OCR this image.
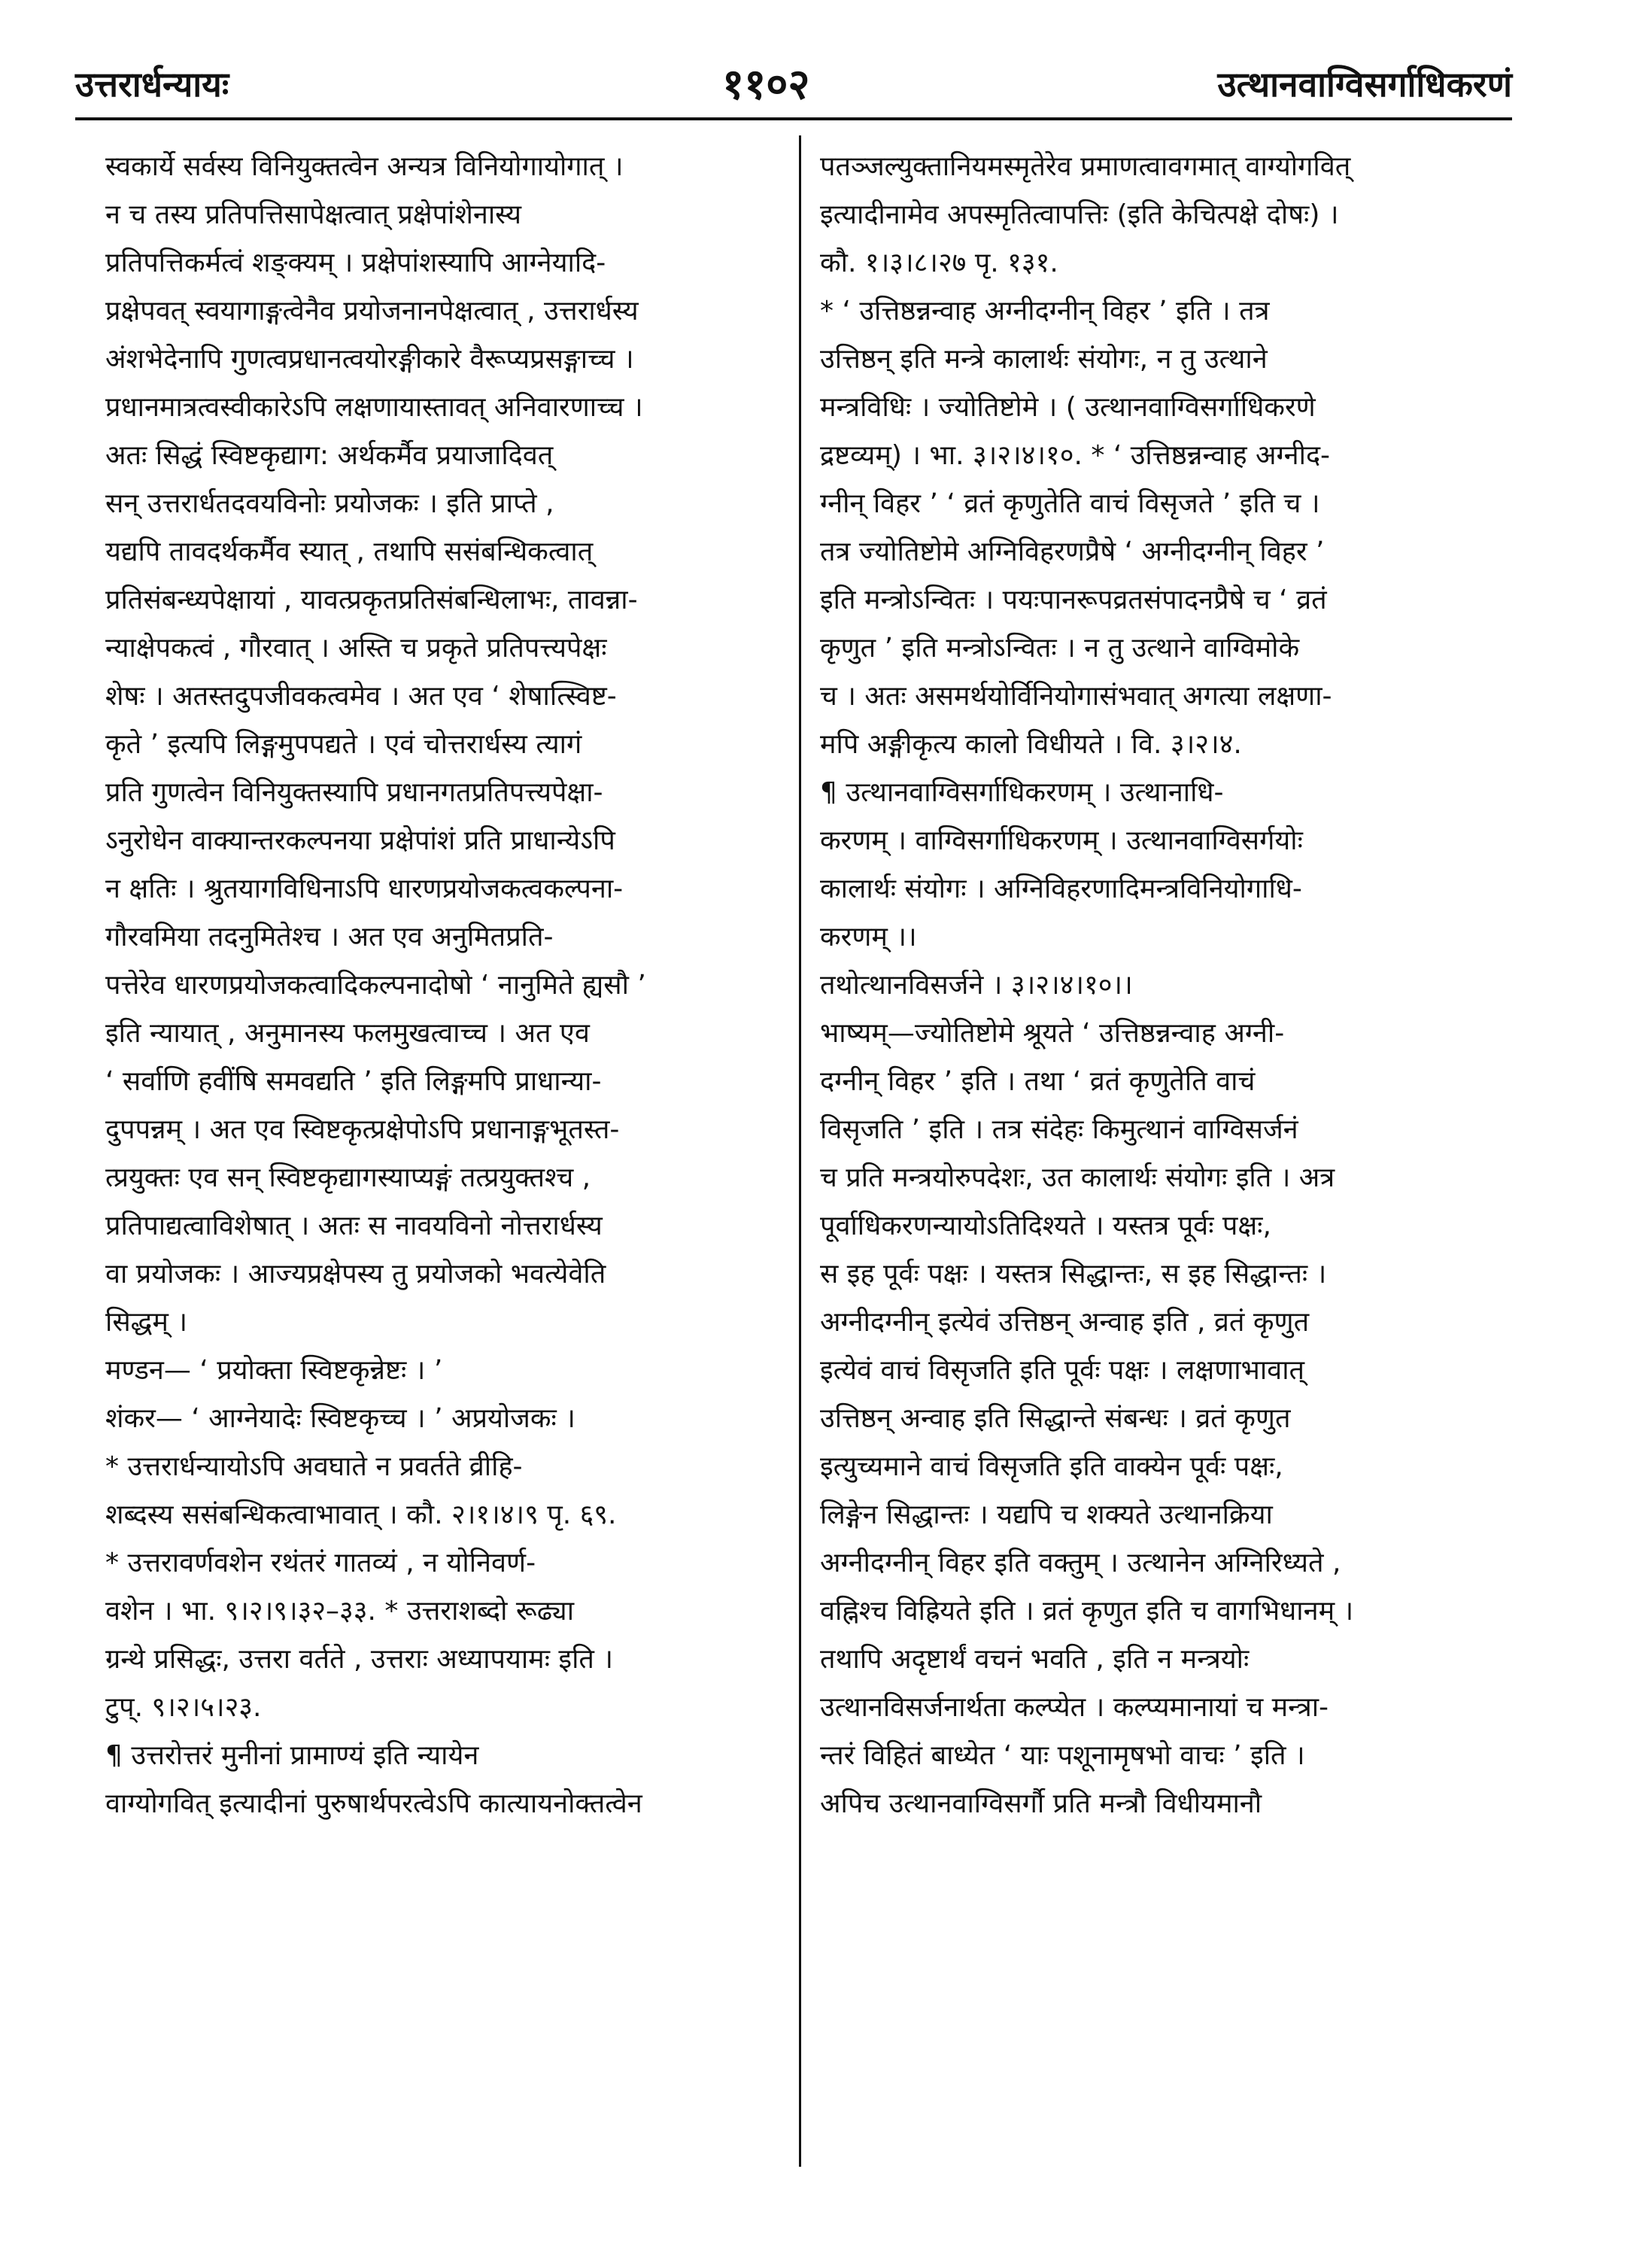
उत्तरार्धन्यायः	११०२	उत्थानवाग्विसर्गाधिकरणं
स्वकार्ये सर्वस्य विनियुक्तत्वेन अन्यत्र विनियोगायोगात् ।
न च तस्य प्रतिपत्तिसापेक्षत्वात् प्रक्षेपांशेनास्य
प्रतिपत्तिकर्मत्वं शङ्क्यम् । प्रक्षेपांशस्यापि आग्नेयादि-
प्रक्षेपवत् स्वयागाङ्गत्वेनैव प्रयोजनानपेक्षत्वात् , उत्तरार्धस्य
अंशभेदेनापि गुणत्वप्रधानत्वयोरङ्गीकारे वैरूप्यप्रसङ्गाच्च ।
प्रधानमात्रत्वस्वीकारेऽपि लक्षणायास्तावत् अनिवारणाच्च ।
अतः सिद्धं स्विष्टकृद्याग: अर्थकर्मैव प्रयाजादिवत्
सन् उत्तरार्धतदवयविनोः प्रयोजकः । इति प्राप्ते ,
यद्यपि तावदर्थकर्मैव स्यात् , तथापि ससंबन्धिकत्वात्
प्रतिसंबन्ध्यपेक्षायां , यावत्प्रकृतप्रतिसंबन्धिलाभः, तावन्ना-
न्याक्षेपकत्वं , गौरवात् । अस्ति च प्रकृते प्रतिपत्त्यपेक्षः
शेषः । अतस्तदुपजीवकत्वमेव । अत एव ‘ शेषात्स्विष्ट-
कृते ’ इत्यपि लिङ्गमुपपद्यते । एवं चोत्तरार्धस्य त्यागं
प्रति गुणत्वेन विनियुक्तस्यापि प्रधानगतप्रतिपत्त्यपेक्षा-
ऽनुरोधेन वाक्यान्तरकल्पनया प्रक्षेपांशं प्रति प्राधान्येऽपि
न क्षतिः । श्रुतयागविधिनाऽपि धारणप्रयोजकत्वकल्पना-
गौरवमिया तदनुमितेश्च । अत एव अनुमितप्रति-
पत्तेरेव धारणप्रयोजकत्वादिकल्पनादोषो ‘ नानुमिते ह्यसौ ’
इति न्यायात् , अनुमानस्य फलमुखत्वाच्च । अत एव
‘ सर्वाणि हवींषि समवद्यति ’ इति लिङ्गमपि प्राधान्या-
दुपपन्नम् । अत एव स्विष्टकृत्प्रक्षेपोऽपि प्रधानाङ्गभूतस्त-
त्प्रयुक्तः एव सन् स्विष्टकृद्यागस्याप्यङ्गं तत्प्रयुक्तश्च ,
प्रतिपाद्यत्वाविशेषात् । अतः स नावयविनो नोत्तरार्धस्य
वा प्रयोजकः । आज्यप्रक्षेपस्य तु प्रयोजको भवत्येवेति
सिद्धम् ।
मण्डन— ‘ प्रयोक्ता स्विष्टकृन्नेष्टः । ’
शंकर— ‘ आग्नेयादेः स्विष्टकृच्च । ’ अप्रयोजकः ।
* उत्तरार्धन्यायोऽपि अवघाते न प्रवर्तते व्रीहि-
शब्दस्य ससंबन्धिकत्वाभावात् । कौ. २।१।४।९ पृ. ६९.
* उत्तरावर्णवशेन रथंतरं गातव्यं , न योनिवर्ण-
वशेन । भा. ९।२।९।३२–३३. * उत्तराशब्दो रूढ्या
ग्रन्थे प्रसिद्धः, उत्तरा वर्तते , उत्तराः अध्यापयामः इति ।
टुप्. ९।२।५।२३.
¶ उत्तरोत्तरं मुनीनां प्रामाण्यं इति न्यायेन
वाग्योगवित् इत्यादीनां पुरुषार्थपरत्वेऽपि कात्यायनोक्तत्वेन
पतञ्जल्युक्तानियमस्मृतेरेव प्रमाणत्वावगमात् वाग्योगवित्
इत्यादीनामेव अपस्मृतित्वापत्तिः (इति केचित्पक्षे दोषः) ।
कौ. १।३।८।२७ पृ. १३१.
* ‘ उत्तिष्ठन्नन्वाह अग्नीदग्नीन् विहर ’ इति । तत्र
उत्तिष्ठन् इति मन्त्रे कालार्थः संयोगः, न तु उत्थाने
मन्त्रविधिः । ज्योतिष्टोमे । ( उत्थानवाग्विसर्गाधिकरणे
द्रष्टव्यम्) । भा. ३।२।४।१०. * ‘ उत्तिष्ठन्नन्वाह अग्नीद-
ग्नीन् विहर ’ ‘ व्रतं कृणुतेति वाचं विसृजते ’ इति च ।
तत्र ज्योतिष्टोमे अग्निविहरणप्रैषे ‘ अग्नीदग्नीन् विहर ’
इति मन्त्रोऽन्वितः । पयःपानरूपव्रतसंपादनप्रैषे च ‘ व्रतं
कृणुत ’ इति मन्त्रोऽन्वितः । न तु उत्थाने वाग्विमोके
च । अतः असमर्थयोर्विनियोगासंभवात् अगत्या लक्षणा-
मपि अङ्गीकृत्य कालो विधीयते । वि. ३।२।४.
¶ उत्थानवाग्विसर्गाधिकरणम् । उत्थानाधि-
करणम् । वाग्विसर्गाधिकरणम् । उत्थानवाग्विसर्गयोः
कालार्थः संयोगः । अग्निविहरणादिमन्त्रविनियोगाधि-
करणम् ।।
तथोत्थानविसर्जने । ३।२।४।१०।।
भाष्यम्—ज्योतिष्टोमे श्रूयते ‘ उत्तिष्ठन्नन्वाह अग्नी-
दग्नीन् विहर ’ इति । तथा ‘ व्रतं कृणुतेति वाचं
विसृजति ’ इति । तत्र संदेहः किमुत्थानं वाग्विसर्जनं
च प्रति मन्त्रयोरुपदेशः, उत कालार्थः संयोगः इति । अत्र
पूर्वाधिकरणन्यायोऽतिदिश्यते । यस्तत्र पूर्वः पक्षः,
स इह पूर्वः पक्षः । यस्तत्र सिद्धान्तः, स इह सिद्धान्तः ।
अग्नीदग्नीन् इत्येवं उत्तिष्ठन् अन्वाह इति , व्रतं कृणुत
इत्येवं वाचं विसृजति इति पूर्वः पक्षः । लक्षणाभावात्
उत्तिष्ठन् अन्वाह इति सिद्धान्ते संबन्धः । व्रतं कृणुत
इत्युच्यमाने वाचं विसृजति इति वाक्येन पूर्वः पक्षः,
लिङ्गेन सिद्धान्तः । यद्यपि च शक्यते उत्थानक्रिया
अग्नीदग्नीन् विहर इति वक्तुम् । उत्थानेन अग्निरिध्यते ,
वह्निश्च विह्रियते इति । व्रतं कृणुत इति च वागभिधानम् ।
तथापि अदृष्टार्थं वचनं भवति , इति न मन्त्रयोः
उत्थानविसर्जनार्थता कल्प्येत । कल्प्यमानायां च मन्त्रा-
न्तरं विहितं बाध्येत ‘ याः पशूनामृषभो वाचः ’ इति ।
अपिच उत्थानवाग्विसर्गौ प्रति मन्त्रौ विधीयमानौ
